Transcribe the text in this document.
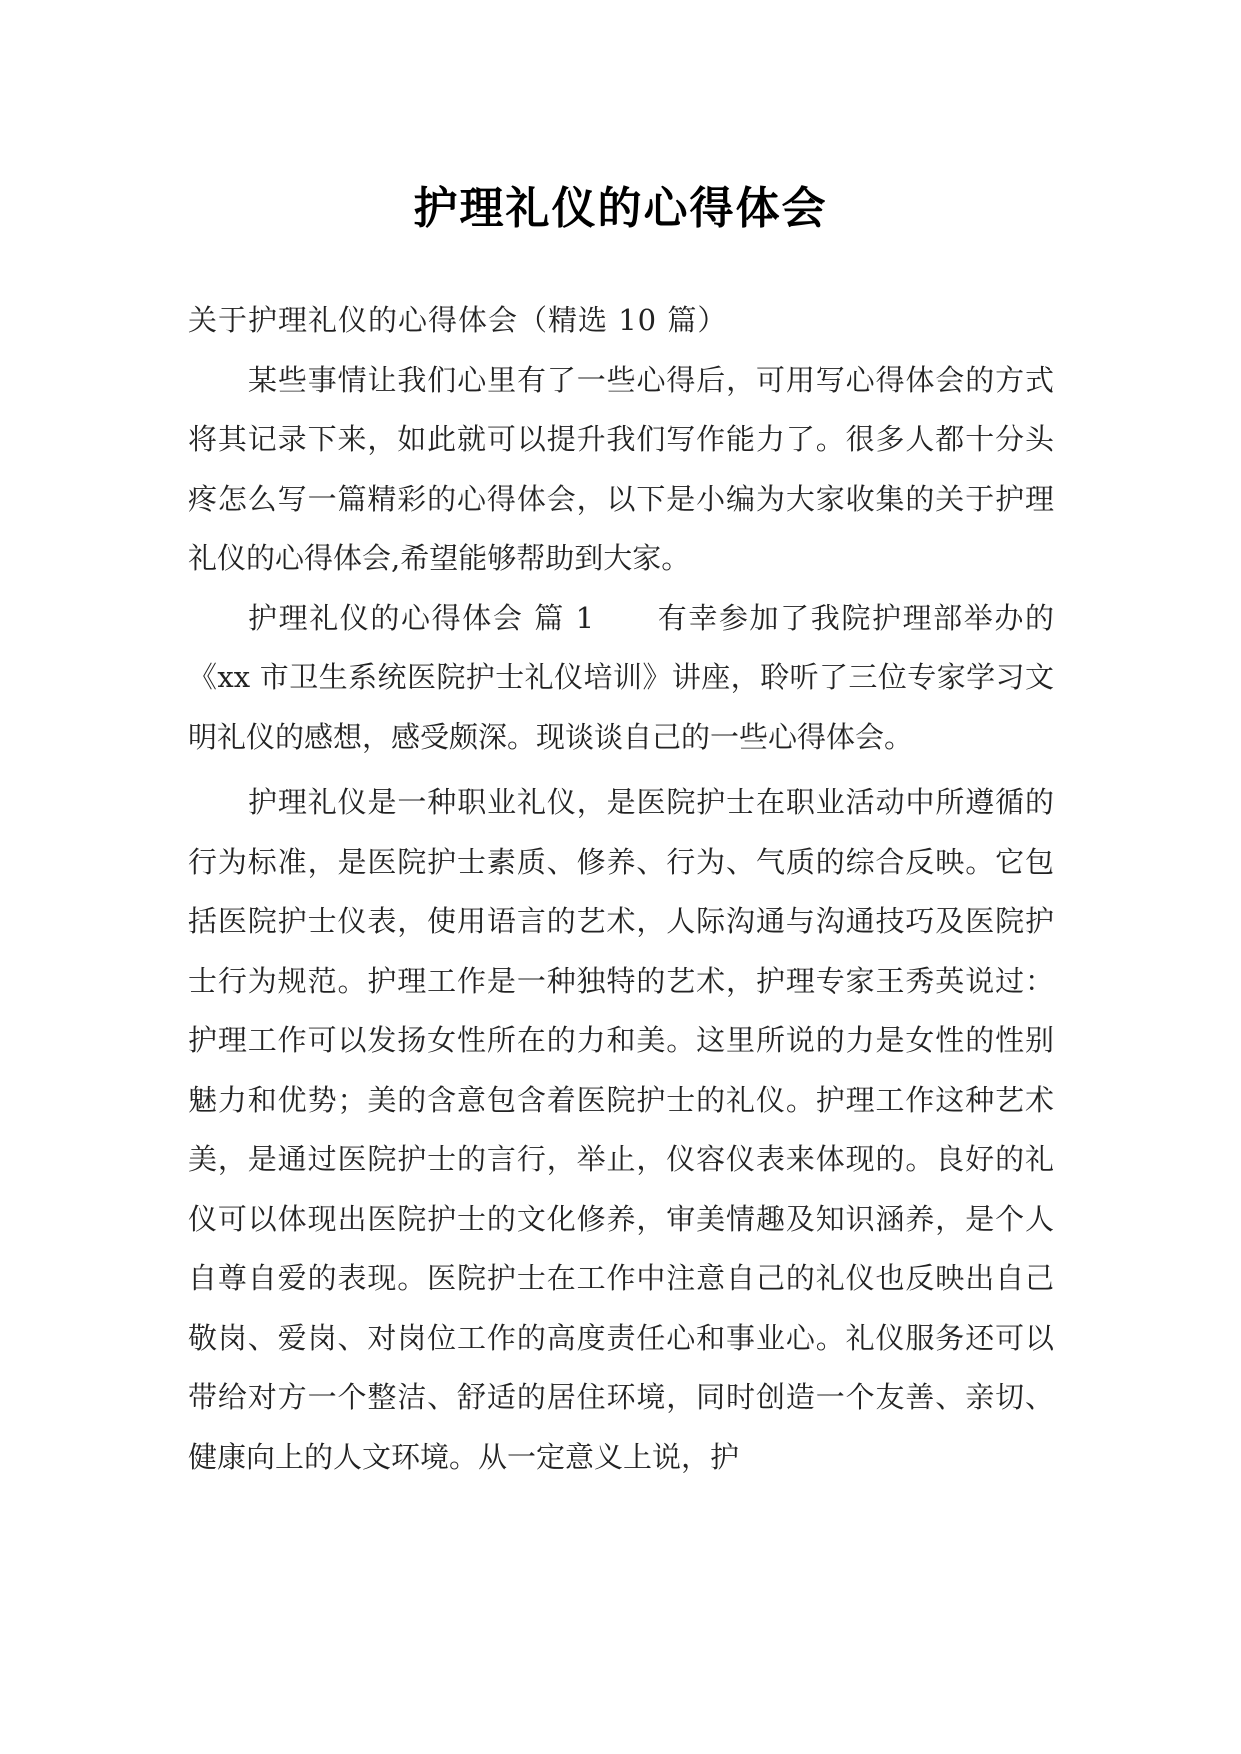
护理礼仪的心得体会

关于护理礼仪的心得体会（精选 10 篇）

某些事情让我们心里有了一些心得后，可用写心得体会的方式将其记录下来，如此就可以提升我们写作能力了。很多人都十分头疼怎么写一篇精彩的心得体会，以下是小编为大家收集的关于护理礼仪的心得体会,希望能够帮助到大家。

护理礼仪的心得体会 篇 1 有幸参加了我院护理部举办的《xx 市卫生系统医院护士礼仪培训》讲座，聆听了三位专家学习文明礼仪的感想，感受颇深。现谈谈自己的一些心得体会。

护理礼仪是一种职业礼仪，是医院护士在职业活动中所遵循的行为标准，是医院护士素质、修养、行为、气质的综合反映。它包括医院护士仪表，使用语言的艺术，人际沟通与沟通技巧及医院护士行为规范。护理工作是一种独特的艺术，护理专家王秀英说过：护理工作可以发扬女性所在的力和美。这里所说的力是女性的性别魅力和优势；美的含意包含着医院护士的礼仪。护理工作这种艺术美，是通过医院护士的言行，举止，仪容仪表来体现的。良好的礼仪可以体现出医院护士的文化修养，审美情趣及知识涵养，是个人自尊自爱的表现。医院护士在工作中注意自己的礼仪也反映出自己敬岗、爱岗、对岗位工作的高度责任心和事业心。礼仪服务还可以带给对方一个整洁、舒适的居住环境，同时创造一个友善、亲切、健康向上的人文环境。从一定意义上说，护
